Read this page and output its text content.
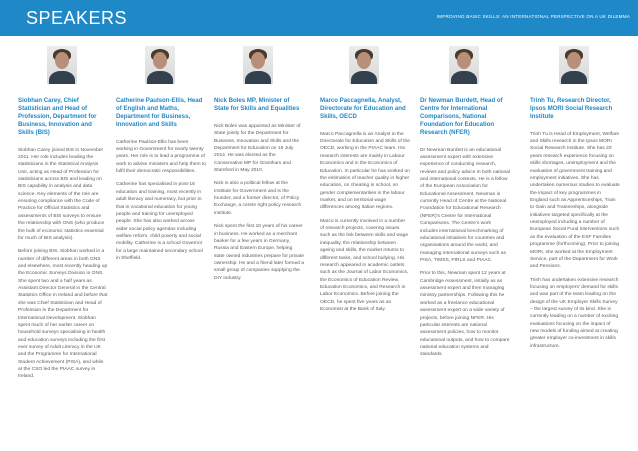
SPEAKERS	IMPROVING BASIC SKILLS: AN INTERNATIONAL PERSPECTIVE ON A UK DILEMMA
Siobhan Carey, Chief Statistician and Head of Profession, Department for Business, Innovation and Skills (BIS)

Siobhan Carey joined BIS in November 2011. Her role includes leading the statisticians in the Statistical Analysis Unit, acting as Head of Profession for statisticians across BIS and leading on BIS capability in analysis and data science. Key elements of the role are ensuring compliance with the Code of Practice for Official Statistics and assessments of BIS surveys to ensure the relationship with ONS (who produce the bulk of economic statistics essential for much of BIS analysis).

Before joining BIS, Siobhan worked in a number of different areas in both GNS and elsewhere, most recently heading up the Economic Surveys Division in ONS. She spent two and a half years as Assistant Director General in the Central Statistics Office in Ireland and before that she was Chief Statistician and Head of Profession in the Department for International Development. Siobhan spent much of her earlier career on household surveys specialising in health and education surveys including the first ever survey of Adult Literacy in the UK and the Programme for International Student Achievement (PISA), and while at the CSO led the PIAAC survey in Ireland.

Catherine Paulson-Ellis, Head of English and Maths, Department for Business, Innovation and Skills

Catherine Paulson-Ellis has been working in Government for nearly twenty years. Her role is to lead a programme of work to advise ministers and help them to fulfil their democratic responsibilities.

Catherine has specialised in post-16 education and training, most recently in adult literacy and numeracy, but prior to that in vocational education for young people and training for unemployed people. She has also worked across wider social policy agendas including welfare reform, child poverty and social mobility. Catherine is a school Governor for a large maintained secondary school in Sheffield.

Nick Boles MP, Minister of State for Skills and Equalities

Nick Boles was appointed as Minister of State jointly for the Department for Business, Innovation and Skills and the Department for Education on 15 July 2014. He was elected as the Conservative MP for Grantham and Stamford in May 2010.

Nick is also a political fellow at the Institute for Government and is the founder, and a former director, of Policy Exchange, a centre right policy research institute.

Nick spent the first 10 years of his career in business. He worked as a merchant banker for a few years in Germany, Russia and Eastern Europe, helping state owned industries prepare for private ownership. He and a friend later formed a small group of companies supplying the DIY industry.

Marco Paccagnella, Analyst, Directorate for Education and Skills, OECD

Marco Paccagnella is an Analyst in the Directorate for Education and Skills of the OECD, working in the PIAAC team. His research interests are mainly in Labour Economics and in the Economics of Education. In particular he has worked on the estimation of teacher quality in higher education, on cheating in school, on gender complementarities in the labour market, and on territorial wage differences among Italian regions.

Marco is currently involved in a number of research projects, covering issues such as the link between skills and wage inequality, the relationship between ageing and skills, the market returns to different tasks, and school bullying. His research appeared in academic outlets such as the Journal of Labor Economics, the Economics of Education Review, Education Economics, and Research in Labor Economics. Before joining the OECD, he spent five years as an Economist at the Bank of Italy.

Dr Newman Burdett, Head of Centre for International Comparisons, National Foundation for Education Research (NFER)

Dr Newman Burdett is an educational assessment expert with extensive experience of conducting research, reviews and policy advice in both national and international contexts. He is a fellow of the European Association for Educational Assessment. Newman is currently Head of Centre at the National Foundation for Educational Research (NFER)'s Centre for International Comparisons. The Centre's work includes international benchmarking of educational initiatives for countries and organisations around the world, and managing international surveys such as PISA, TIMSS, PIRLS and PIAAC.

Prior to this, Newman spent 12 years at Cambridge Assessment, initially as an assessment expert and then managing ministry partnerships. Following this he worked as a freelance educational assessment expert on a wide variety of projects, before joining NFER. His particular interests are national assessment policies, how to monitor educational outputs, and how to compare national education systems and standards.

Trinh Tu, Research Director, Ipsos MORI Social Research Institute

Trinh Tu is Head of Employment, Welfare and Skills research in the Ipsos MORI Social Research Institute. She has 20 years research experience focusing on skills shortages, unemployment and the evaluation of government training and employment initiatives. She has undertaken numerous studies to evaluate the impact of key programmes in England such as Apprenticeships, Train to Gain and Traineeships, alongside initiatives targeted specifically at the unemployed including a number of European Social Fund interventions such as the evaluation of the ESF Families programme (forthcoming). Prior to joining MORI, she worked at the Employment Service, part of the Department for Work and Pensions.

Trinh has undertaken extensive research focusing on employers' demand for skills and was part of the team leading on the design of the UK Employer Skills Survey – the largest survey of its kind. She is currently leading on a number of exciting evaluations focusing on the impact of new models of funding aimed at creating greater employer co-investment in skills infrastructure.
